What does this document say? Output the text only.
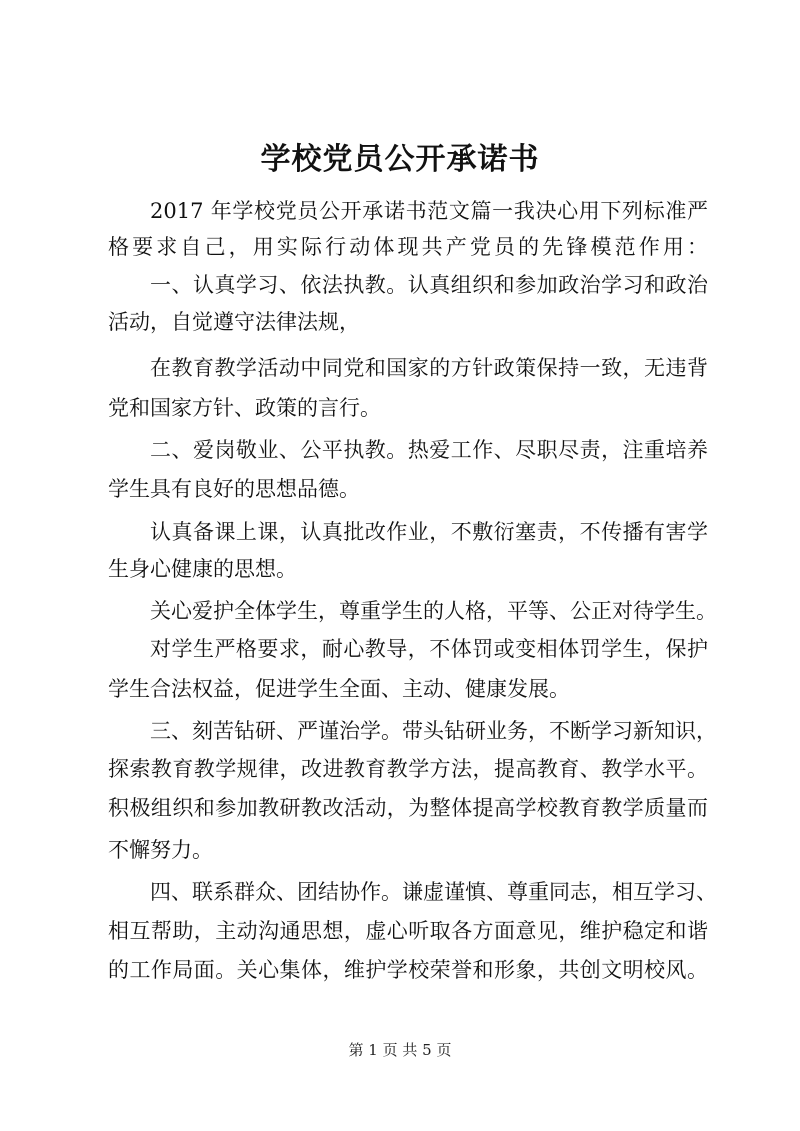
学校党员公开承诺书
2017 年学校党员公开承诺书范文篇一我决心用下列标准严
格要求自己，用实际行动体现共产党员的先锋模范作用：
一、认真学习、依法执教。认真组织和参加政治学习和政治
活动，自觉遵守法律法规，
在教育教学活动中同党和国家的方针政策保持一致，无违背
党和国家方针、政策的言行。
二、爱岗敬业、公平执教。热爱工作、尽职尽责，注重培养
学生具有良好的思想品德。
认真备课上课，认真批改作业，不敷衍塞责，不传播有害学
生身心健康的思想。
关心爱护全体学生，尊重学生的人格，平等、公正对待学生。
对学生严格要求，耐心教导，不体罚或变相体罚学生，保护
学生合法权益，促进学生全面、主动、健康发展。
三、刻苦钻研、严谨治学。带头钻研业务，不断学习新知识，
探索教育教学规律，改进教育教学方法，提高教育、教学水平。
积极组织和参加教研教改活动，为整体提高学校教育教学质量而
不懈努力。
四、联系群众、团结协作。谦虚谨慎、尊重同志，相互学习、
相互帮助，主动沟通思想，虚心听取各方面意见，维护稳定和谐
的工作局面。关心集体，维护学校荣誉和形象，共创文明校风。
第 1 页 共 5 页
